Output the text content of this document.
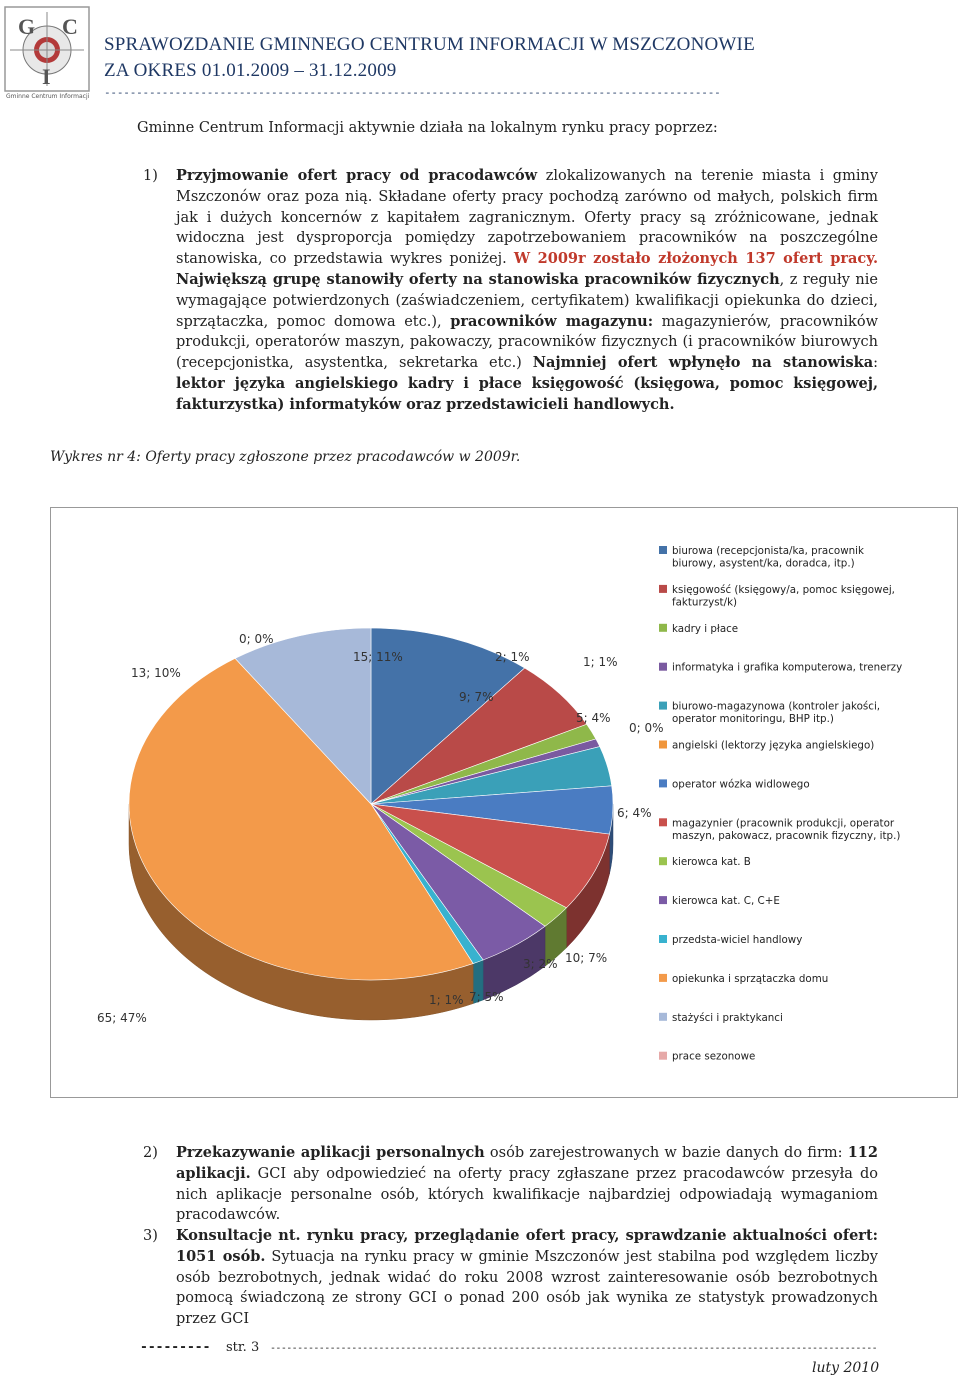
G C
I
Gminne Centrum Informacji
SPRAWOZDANIE GMINNEGO CENTRUM INFORMACJI W MSZCZONOWIE
ZA OKRES 01.01.2009 – 31.12.2009
------------------------------------------------------------------------------------------------
Gminne Centrum Informacji aktywnie działa na lokalnym rynku pracy poprzez:
1) Przyjmowanie ofert pracy od pracodawców zlokalizowanych na terenie miasta i gminy Mszczonów oraz poza nią. Składane oferty pracy pochodzą zarówno od małych, polskich firm jak i dużych koncernów z kapitałem zagranicznym. Oferty pracy są zróżnicowane, jednak widoczna jest dysproporcja pomiędzy zapotrzebowaniem pracowników na poszczególne stanowiska, co przedstawia wykres poniżej. W 2009r zostało złożonych 137 ofert pracy. Największą grupę stanowiły oferty na stanowiska pracowników fizycznych, z reguły nie wymagające potwierdzonych (zaświadczeniem, certyfikatem) kwalifikacji opiekunka do dzieci, sprzątaczka, pomoc domowa etc.), pracowników magazynu: magazynierów, pracowników produkcji, operatorów maszyn, pakowaczy, pracowników fizycznych (i pracowników biurowych (recepcjonistka, asystentka, sekretarka etc.) Najmniej ofert wpłynęło na stanowiska: lektor języka angielskiego kadry i płace księgowość (księgowa, pomoc księgowej, fakturzystka) informatyków oraz przedstawicieli handlowych.
Wykres nr 4: Oferty pracy zgłoszone przez pracodawców w 2009r.
15; 11%
9; 7%
2; 1%	1; 1%
5; 4%
0; 0%
6; 4%
10; 7%
3; 2%
7; 5%
1; 1%
65; 47%
13; 10%
0; 0%
biurowa (recepcjonista/ka, pracownik
biurowy, asystent/ka, doradca, itp.)
księgowość (księgowy/a, pomoc księgowej,
fakturzyst/k)
kadry i płace
informatyka i grafika komputerowa, trenerzy
biurowo-magazynowa (kontroler jakości,
operator monitoringu, BHP itp.)
angielski (lektorzy języka angielskiego)
operator wózka widlowego
magazynier (pracownik produkcji, operator
maszyn, pakowacz, pracownik fizyczny, itp.)
kierowca kat. B
kierowca kat. C, C+E
przedsta-wiciel handlowy
opiekunka i sprzątaczka domu
stażyści i praktykanci
prace sezonowe
2) Przekazywanie aplikacji personalnych osób zarejestrowanych w bazie danych do firm: 112 aplikacji. GCI aby odpowiedzieć na oferty pracy zgłaszane przez pracodawców przesyła do nich aplikacje personalne osób, których kwalifikacje najbardziej odpowiadają wymaganiom pracodawców.
3) Konsultacje nt. rynku pracy, przeglądanie ofert pracy, sprawdzanie aktualności ofert: 1051 osób. Sytuacja na rynku pracy w gminie Mszczonów jest stabilna pod względem liczby osób bezrobotnych, jednak widać do roku 2008 wzrost zainteresowanie osób bezrobotnych pomocą świadczoną ze strony GCI o ponad 200 osób jak wynika ze statystyk prowadzonych przez GCI
--------- str. 3 ----------------------------------------------------------------------------------------------------------------
luty 2010
